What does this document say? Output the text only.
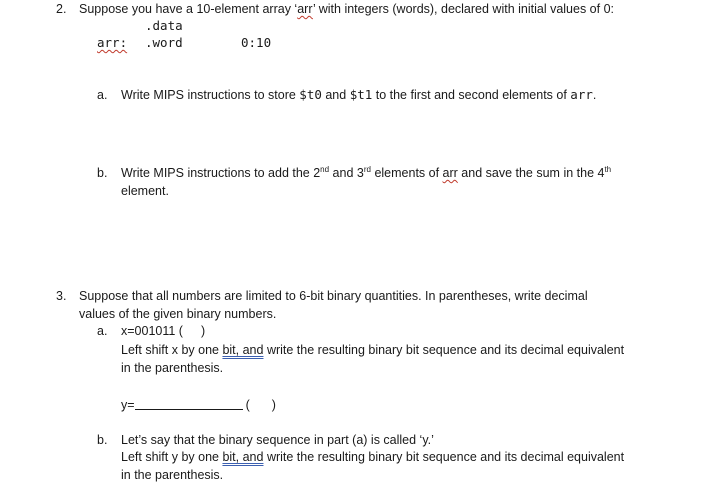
2. Suppose you have a 10-element array ‘arr’ with integers (words), declared with initial values of 0:
.data
arr: .word	0:10
a. Write MIPS instructions to store $t0 and $t1 to the first and second elements of arr.
b. Write MIPS instructions to add the 2nd and 3rd elements of arr and save the sum in the 4th
element.
3. Suppose that all numbers are limited to 6-bit binary quantities. In parentheses, write decimal
values of the given binary numbers.
a. x=001011 ( )
Left shift x by one bit, and write the resulting binary bit sequence and its decimal equivalent
in the parenthesis.
y=	( )
b. Let’s say that the binary sequence in part (a) is called ‘y.’
Left shift y by one bit, and write the resulting binary bit sequence and its decimal equivalent
in the parenthesis.
